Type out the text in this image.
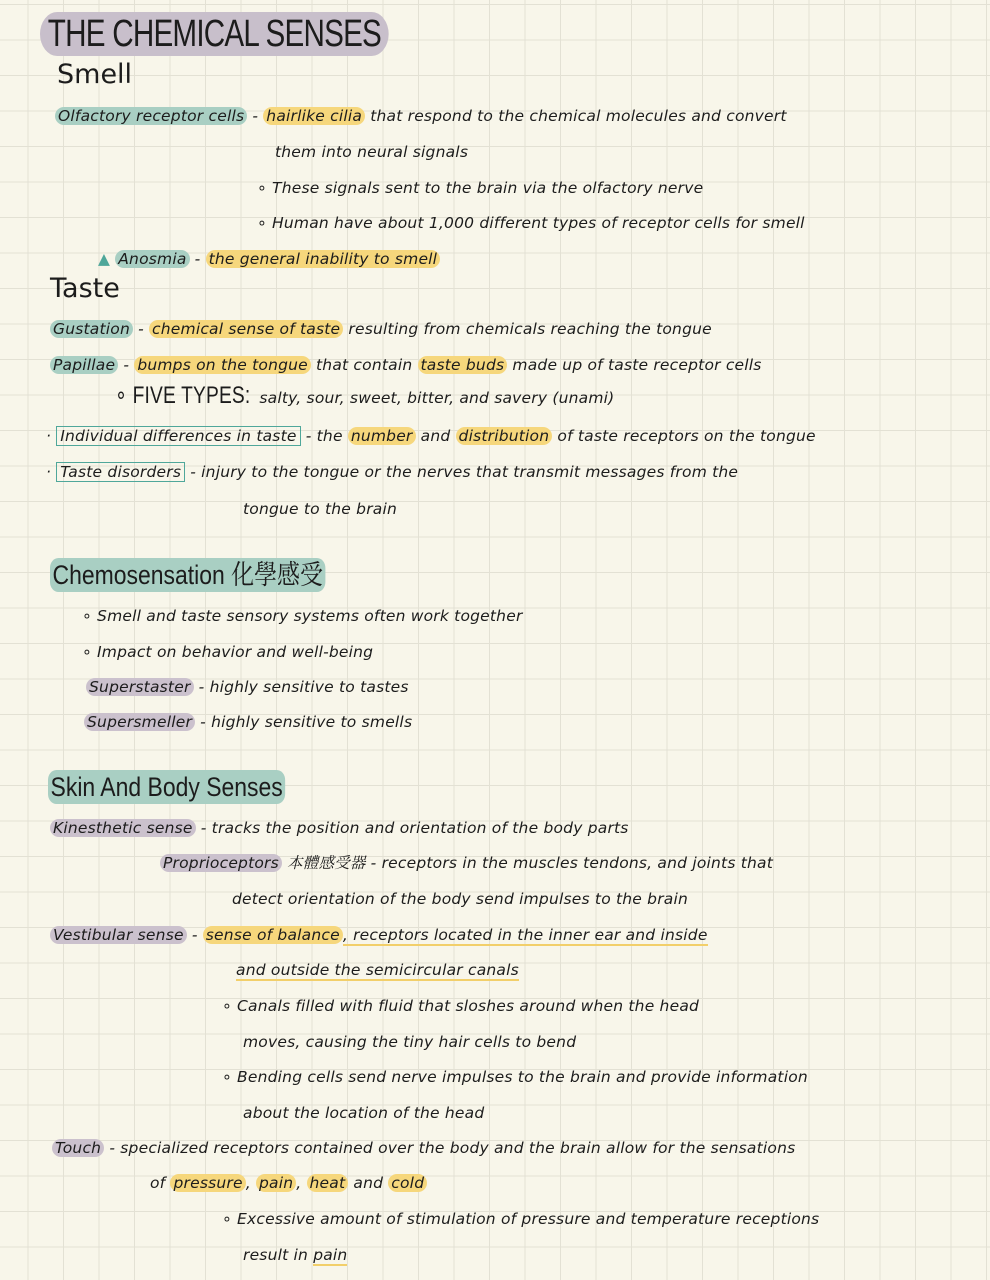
THE CHEMICAL SENSES
Smell
Olfactory receptor cells - hairlike cilia that respond to the chemical molecules and convert
them into neural signals
∘ These signals sent to the brain via the olfactory nerve
∘ Human have about 1,000 different types of receptor cells for smell
▲ Anosmia - the general inability to smell
Taste
Gustation - chemical sense of taste resulting from chemicals reaching the tongue
Papillae - bumps on the tongue that contain taste buds made up of taste receptor cells
∘ FIVE TYPES: salty, sour, sweet, bitter, and savery (unami)
· Individual differences in taste - the number and distribution of taste receptors on the tongue
· Taste disorders - injury to the tongue or the nerves that transmit messages from the
tongue to the brain
Chemosensation 化學感受
∘ Smell and taste sensory systems often work together
∘ Impact on behavior and well-being
Superstaster - highly sensitive to tastes
Supersmeller - highly sensitive to smells
Skin And Body Senses
Kinesthetic sense - tracks the position and orientation of the body parts
Proprioceptors 本體感受器 - receptors in the muscles tendons, and joints that
detect orientation of the body send impulses to the brain
Vestibular sense - sense of balance , receptors located in the inner ear and inside
and outside the semicircular canals
∘ Canals filled with fluid that sloshes around when the head
moves, causing the tiny hair cells to bend
∘ Bending cells send nerve impulses to the brain and provide information
about the location of the head
Touch - specialized receptors contained over the body and the brain allow for the sensations
of pressure , pain , heat and cold
∘ Excessive amount of stimulation of pressure and temperature receptions
result in pain
